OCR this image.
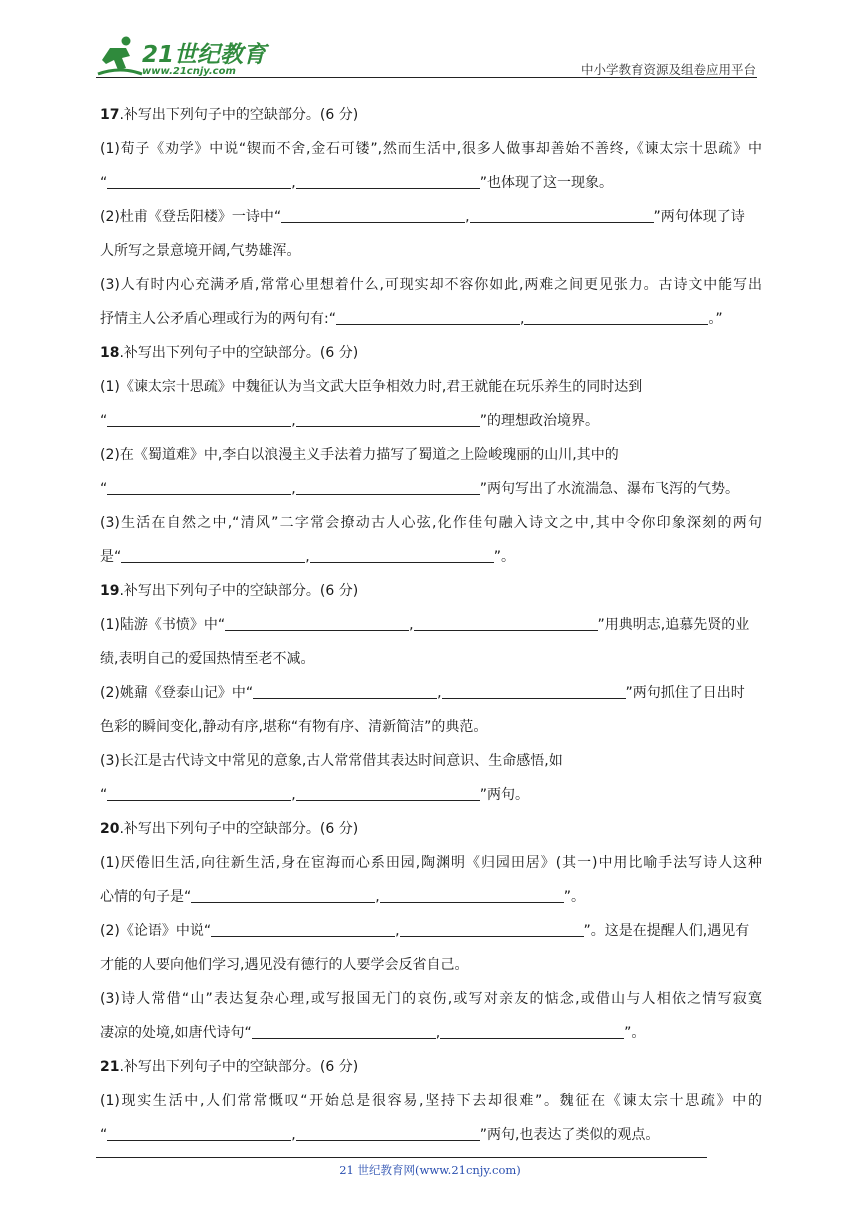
21世纪教育
www.21cnjy.com	中小学教育资源及组卷应用平台
17.补写出下列句子中的空缺部分。(6 分)
(1)荀子《劝学》中说“锲而不舍,金石可镂”,然而生活中,很多人做事却善始不善终,《谏太宗十思疏》中
“	,	”也体现了这一现象。
(2)杜甫《登岳阳楼》一诗中“	,	”两句体现了诗
人所写之景意境开阔,气势雄浑。
(3)人有时内心充满矛盾,常常心里想着什么,可现实却不容你如此,两难之间更见张力。古诗文中能写出
抒情主人公矛盾心理或行为的两句有:“	,	。”
18.补写出下列句子中的空缺部分。(6 分)
(1)《谏太宗十思疏》中魏征认为当文武大臣争相效力时,君王就能在玩乐养生的同时达到
“	,	”的理想政治境界。
(2)在《蜀道难》中,李白以浪漫主义手法着力描写了蜀道之上险峻瑰丽的山川,其中的
“	,	”两句写出了水流湍急、瀑布飞泻的气势。
(3)生活在自然之中,“清风”二字常会撩动古人心弦,化作佳句融入诗文之中,其中令你印象深刻的两句
是“	,	”。
19.补写出下列句子中的空缺部分。(6 分)
(1)陆游《书愤》中“	,	”用典明志,追慕先贤的业
绩,表明自己的爱国热情至老不减。
(2)姚鼐《登泰山记》中“	,	”两句抓住了日出时
色彩的瞬间变化,静动有序,堪称“有物有序、清新简洁”的典范。
(3)长江是古代诗文中常见的意象,古人常常借其表达时间意识、生命感悟,如
“	,	”两句。
20.补写出下列句子中的空缺部分。(6 分)
(1)厌倦旧生活,向往新生活,身在宦海而心系田园,陶渊明《归园田居》(其一)中用比喻手法写诗人这种
心情的句子是“	,	”。
(2)《论语》中说“	,	”。这是在提醒人们,遇见有
才能的人要向他们学习,遇见没有德行的人要学会反省自己。
(3)诗人常借“山”表达复杂心理,或写报国无门的哀伤,或写对亲友的惦念,或借山与人相依之情写寂寞
凄凉的处境,如唐代诗句“	,	”。
21.补写出下列句子中的空缺部分。(6 分)
(1)现实生活中,人们常常慨叹“开始总是很容易,坚持下去却很难”。魏征在《谏太宗十思疏》中的
“	,	”两句,也表达了类似的观点。
21 世纪教育网(www.21cnjy.com)
